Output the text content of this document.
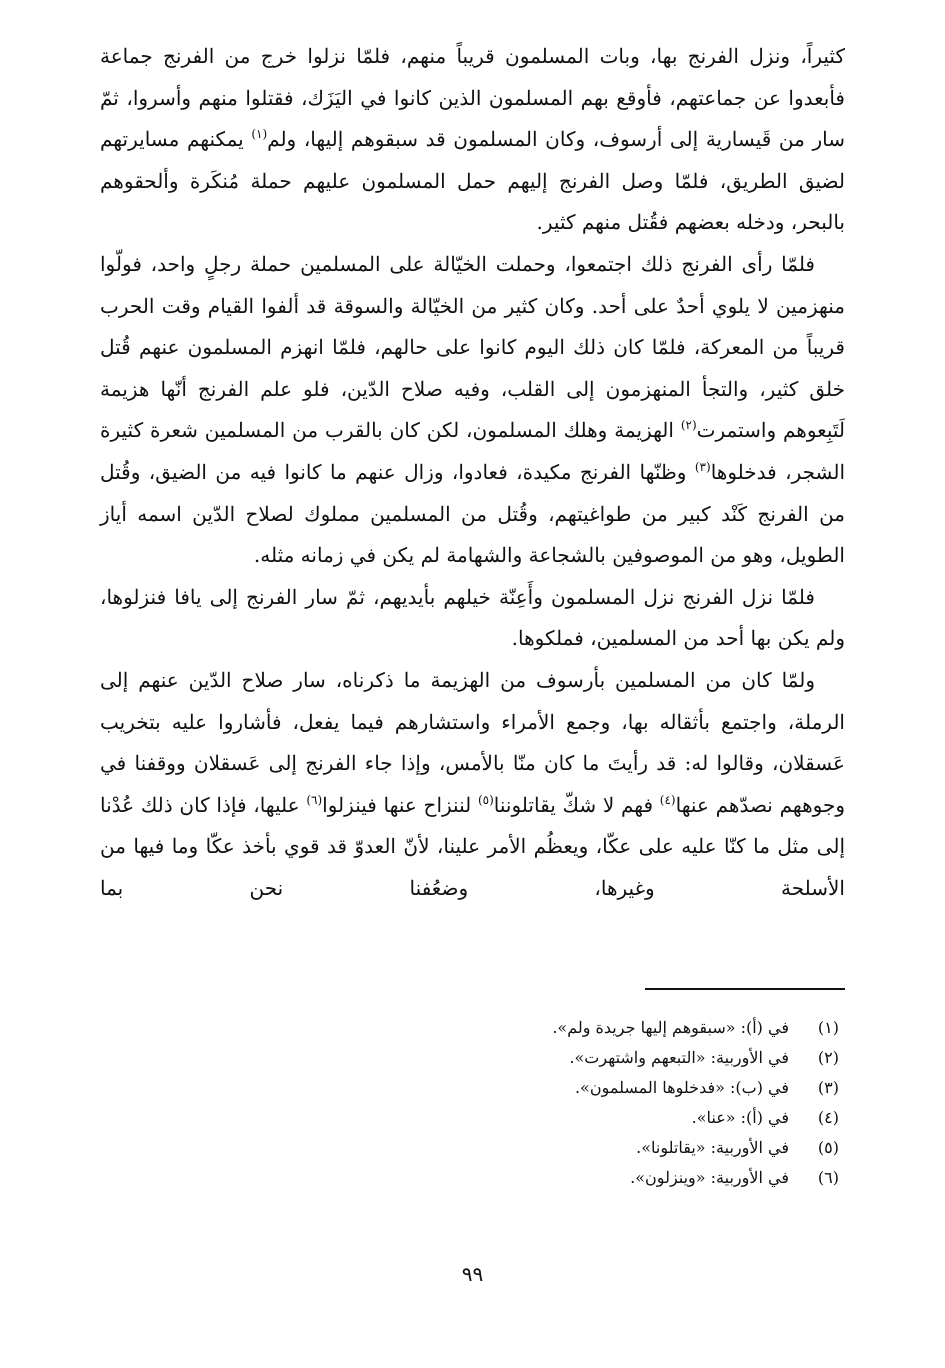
كثيراً، ونزل الفرنج بها، وبات المسلمون قريباً منهم، فلمّا نزلوا خرج من الفرنج جماعة فأبعدوا عن جماعتهم، فأوقع بهم المسلمون الذين كانوا في اليَزَك، فقتلوا منهم وأسروا، ثمّ سار من قَيسارية إلى أرسوف، وكان المسلمون قد سبقوهم إليها، ولم$^{(١)}$ يمكنهم مسايرتهم لضيق الطريق، فلمّا وصل الفرنج إليهم حمل المسلمون عليهم حملة مُنكَرة وألحقوهم بالبحر، ودخله بعضهم فقُتل منهم كثير.

فلمّا رأى الفرنج ذلك اجتمعوا، وحملت الخيّالة على المسلمين حملة رجلٍ واحد، فولّوا منهزمين لا يلوي أحدٌ على أحد. وكان كثير من الخيّالة والسوقة قد ألفوا القيام وقت الحرب قريباً من المعركة، فلمّا كان ذلك اليوم كانوا على حالهم، فلمّا انهزم المسلمون عنهم قُتل خلق كثير، والتجأ المنهزمون إلى القلب، وفيه صلاح الدّين، فلو علم الفرنج أنّها هزيمة لَتَبِعوهم واستمرت$^{(٢)}$ الهزيمة وهلك المسلمون، لكن كان بالقرب من المسلمين شعرة كثيرة الشجر، فدخلوها$^{(٣)}$ وظنّها الفرنج مكيدة، فعادوا، وزال عنهم ما كانوا فيه من الضيق، وقُتل من الفرنج كَنْد كبير من طواغيتهم، وقُتل من المسلمين مملوك لصلاح الدّين اسمه أياز الطويل، وهو من الموصوفين بالشجاعة والشهامة لم يكن في زمانه مثله.

فلمّا نزل الفرنج نزل المسلمون وأَعِنّة خيلهم بأيديهم، ثمّ سار الفرنج إلى يافا فنزلوها، ولم يكن بها أحد من المسلمين، فملكوها.

ولمّا كان من المسلمين بأرسوف من الهزيمة ما ذكرناه، سار صلاح الدّين عنهم إلى الرملة، واجتمع بأثقاله بها، وجمع الأمراء واستشارهم فيما يفعل، فأشاروا عليه بتخريب عَسقلان، وقالوا له: قد رأيتَ ما كان منّا بالأمس، وإذا جاء الفرنج إلى عَسقلان ووقفنا في وجوههم نصدّهم عنها$^{(٤)}$ فهم لا شكّ يقاتلوننا$^{(٥)}$ لننزاح عنها فينزلوا$^{(٦)}$ عليها، فإذا كان ذلك عُدْنا إلى مثل ما كنّا عليه على عكّا، ويعظُم الأمر علينا، لأنّ العدوّ قد قوي بأخذ عكّا وما فيها من الأسلحة وغيرها، وضعُفنا نحن بما

(١)
في (أ): «سبقوهم إليها جريدة ولم».
(٢)
في الأوربية: «التبعهم واشتهرت».
(٣)
في (ب): «فدخلوها المسلمون».
(٤)
في (أ): «عنا».
(٥)
في الأوربية: «يقاتلونا».
(٦)
في الأوربية: «وينزلون».
٩٩
